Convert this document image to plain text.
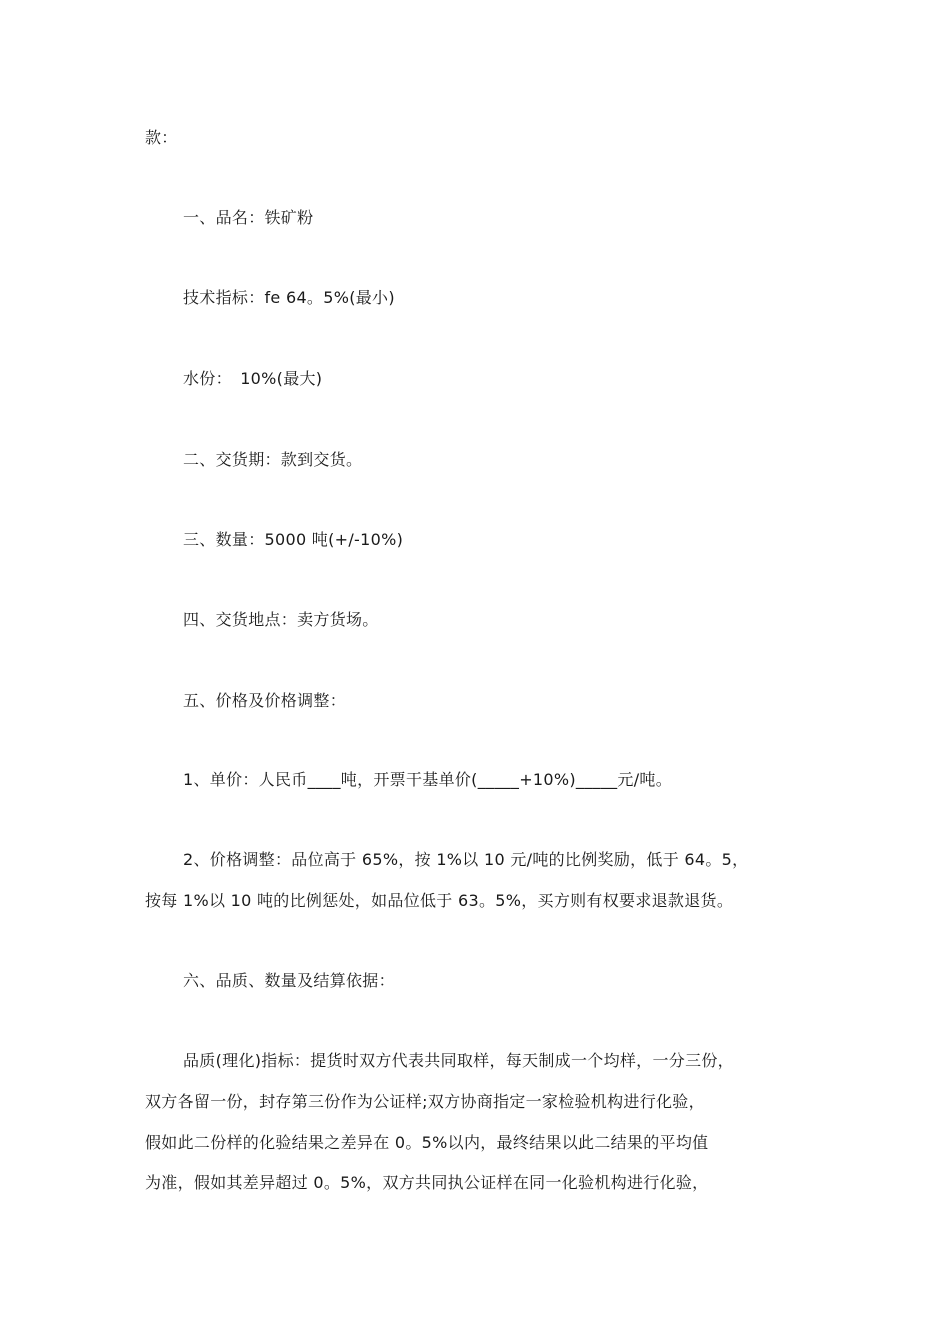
款：
一、品名：铁矿粉
技术指标：fe 64。5%(最小)
水份：　10%(最大)
二、交货期：款到交货。
三、数量：5000 吨(+/-10%)
四、交货地点：卖方货场。
五、价格及价格调整：
1、单价：人民币____吨，开票干基单价(_____+10%)_____元/吨。
2、价格调整：品位高于 65%，按 1%以 10 元/吨的比例奖励，低于 64。5，
按每 1%以 10 吨的比例惩处，如品位低于 63。5%，买方则有权要求退款退货。
六、品质、数量及结算依据：
品质(理化)指标：提货时双方代表共同取样，每天制成一个均样，一分三份，
双方各留一份，封存第三份作为公证样;双方协商指定一家检验机构进行化验，
假如此二份样的化验结果之差异在 0。5%以内，最终结果以此二结果的平均值
为准，假如其差异超过 0。5%，双方共同执公证样在同一化验机构进行化验，
